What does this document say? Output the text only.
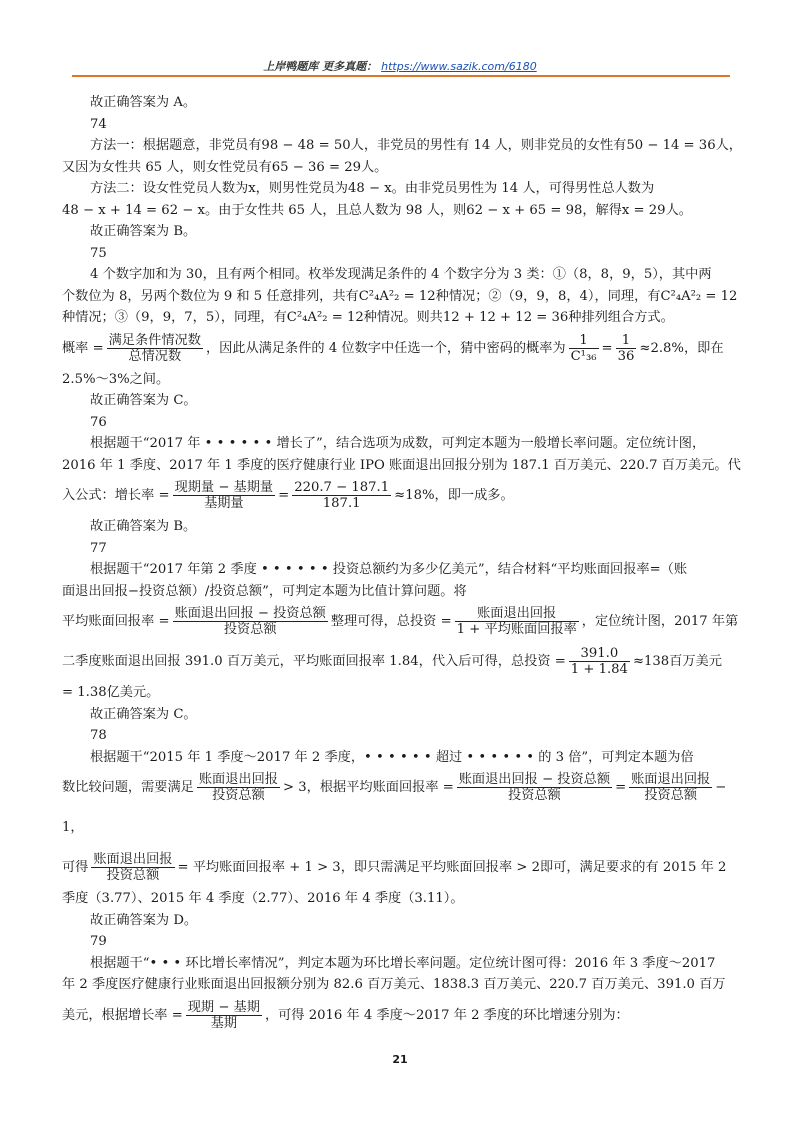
上岸鸭题库 更多真题： https://www.sazik.com/6180

故正确答案为 A。

74

方法一：根据题意，非党员有98 − 48 = 50人，非党员的男性有 14 人，则非党员的女性有50 − 14 = 36人，

又因为女性共 65 人，则女性党员有65 − 36 = 29人。

方法二：设女性党员人数为x，则男性党员为48 − x。由非党员男性为 14 人，可得男性总人数为

48 − x + 14 = 62 − x。由于女性共 65 人，且总人数为 98 人，则62 − x + 65 = 98，解得x = 29人。

故正确答案为 B。

75

4 个数字加和为 30，且有两个相同。枚举发现满足条件的 4 个数字分为 3 类：①（8，8，9，5），其中两

个数位为 8，另两个数位为 9 和 5 任意排列，共有C²₄A²₂ = 12种情况；②（9，9，8，4），同理，有C²₄A²₂ = 12

种情况；③（9，9，7，5），同理，有C²₄A²₂ = 12种情况。则共12 + 12 + 12 = 36种排列组合方式。

概率 = $\frac{\text{满足条件情况数}}{\text{总情况数}}$ ，因此从满足条件的 4 位数字中任选一个，猜中密码的概率为 $\frac{1}{\text{C¹₃₆}} = \frac{1}{36} \approx 2.8\%$，即在

2.5%～3%之间。

故正确答案为 C。

76

根据题干“2017 年 • • • • • • 增长了”，结合选项为成数，可判定本题为一般增长率问题。定位统计图，

2016 年 1 季度、2017 年 1 季度的医疗健康行业 IPO 账面退出回报分别为 187.1 百万美元、220.7 百万美元。代

入公式：增长率 = $\frac{\text{现期量 − 基期量}}{\text{基期量}} = \frac{220.7 - 187.1}{187.1} \approx 18\%$，即一成多。

故正确答案为 B。

77

根据题干“2017 年第 2 季度 • • • • • • 投资总额约为多少亿美元”，结合材料“平均账面回报率=（账

面退出回报−投资总额）/投资总额”，可判定本题为比值计算问题。将

平均账面回报率 = $\frac{\text{账面退出回报 − 投资总额}}{\text{投资总额}}$ 整理可得，总投资 = $\frac{\text{账面退出回报}}{\text{1 + 平均账面回报率}}$ ，定位统计图，2017 年第

二季度账面退出回报 391.0 百万美元，平均账面回报率 1.84，代入后可得，总投资 = $\frac{391.0}{1 + 1.84} \approx 138$百万美元

= 1.38亿美元。

故正确答案为 C。

78

根据题干“2015 年 1 季度～2017 年 2 季度，• • • • • • 超过 • • • • • • 的 3 倍”，可判定本题为倍

数比较问题，需要满足 $\frac{\text{账面退出回报}}{\text{投资总额}} > 3$，根据平均账面回报率 = $\frac{\text{账面退出回报 − 投资总额}}{\text{投资总额}} = \frac{\text{账面退出回报}}{\text{投资总额}} - 1$，

可得 $\frac{\text{账面退出回报}}{\text{投资总额}}$ = 平均账面回报率 + 1 > 3，即只需满足平均账面回报率 > 2即可，满足要求的有 2015 年 2

季度（3.77）、2015 年 4 季度（2.77）、2016 年 4 季度（3.11）。

故正确答案为 D。

79

根据题干“• • • 环比增长率情况”，判定本题为环比增长率问题。定位统计图可得：2016 年 3 季度～2017

年 2 季度医疗健康行业账面退出回报额分别为 82.6 百万美元、1838.3 百万美元、220.7 百万美元、391.0 百万

美元，根据增长率 = $\frac{\text{现期 − 基期}}{\text{基期}}$ ，可得 2016 年 4 季度～2017 年 2 季度的环比增速分别为：

21
